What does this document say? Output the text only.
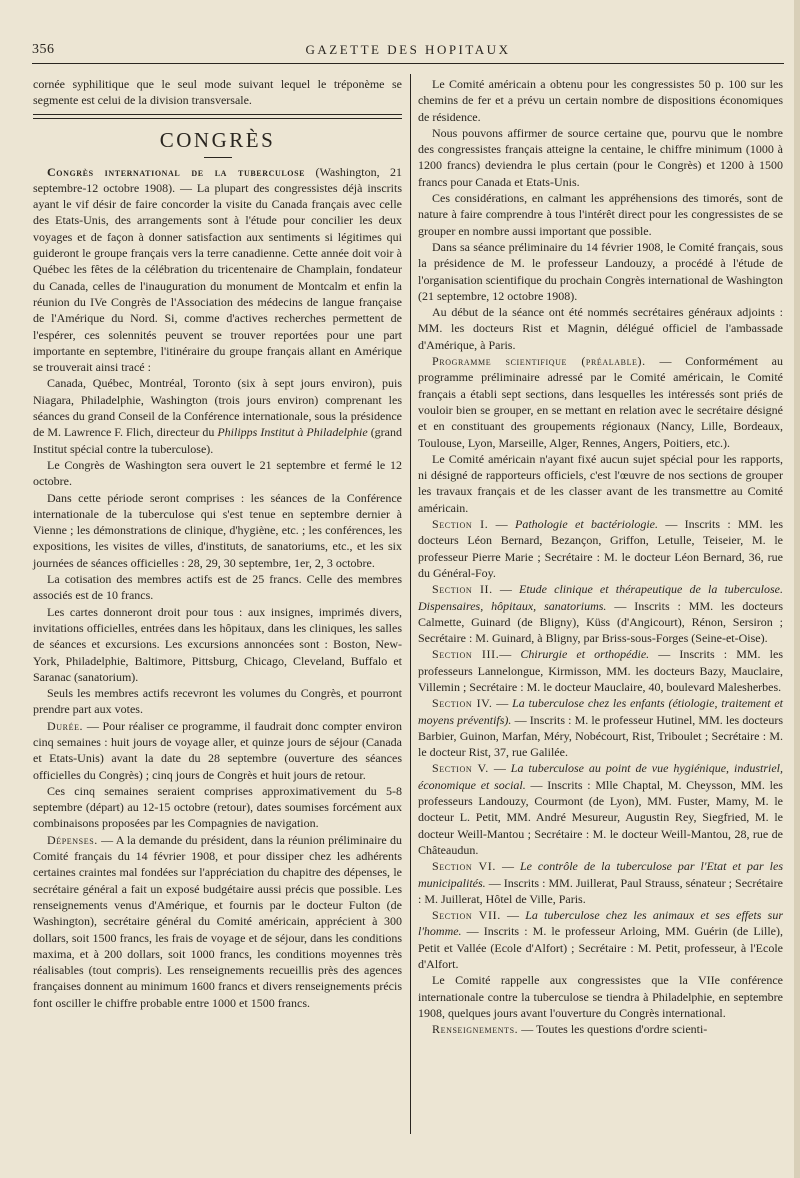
356	GAZETTE DES HOPITAUX

cornée syphilitique que le seul mode suivant lequel le tréponème se segmente est celui de la division transversale.

CONGRÈS

Congrès international de la tuberculose (Washington, 21 septembre-12 octobre 1908). — La plupart des congressistes déjà inscrits ayant le vif désir de faire concorder la visite du Canada français avec celle des Etats-Unis, des arrangements sont à l'étude pour concilier les deux voyages et de façon à donner satisfaction aux sentiments si légitimes qui guideront le groupe français vers la terre canadienne. Cette année doit voir à Québec les fêtes de la célébration du tricentenaire de Champlain, fondateur du Canada, celles de l'inauguration du monument de Montcalm et enfin la réunion du IVe Congrès de l'Association des médecins de langue française de l'Amérique du Nord. Si, comme d'actives recherches permettent de l'espérer, ces solennités peuvent se trouver reportées pour une part importante en septembre, l'itinéraire du groupe français allant en Amérique se trouverait ainsi tracé :

Canada, Québec, Montréal, Toronto (six à sept jours environ), puis Niagara, Philadelphie, Washington (trois jours environ) comprenant les séances du grand Conseil de la Conférence internationale, sous la présidence de M. Lawrence F. Flich, directeur du Philipps Institut à Philadelphie (grand Institut spécial contre la tuberculose).

Le Congrès de Washington sera ouvert le 21 septembre et fermé le 12 octobre.

Dans cette période seront comprises : les séances de la Conférence internationale de la tuberculose qui s'est tenue en septembre dernier à Vienne ; les démonstrations de clinique, d'hygiène, etc. ; les conférences, les expositions, les visites de villes, d'instituts, de sanatoriums, etc., et les six journées de séances officielles : 28, 29, 30 septembre, 1er, 2, 3 octobre.

La cotisation des membres actifs est de 25 francs. Celle des membres associés est de 10 francs.

Les cartes donneront droit pour tous : aux insignes, imprimés divers, invitations officielles, entrées dans les hôpitaux, dans les cliniques, les salles de séances et excursions. Les excursions annoncées sont : Boston, New-York, Philadelphie, Baltimore, Pittsburg, Chicago, Cleveland, Buffalo et Saranac (sanatorium).

Seuls les membres actifs recevront les volumes du Congrès, et pourront prendre part aux votes.

Durée. — Pour réaliser ce programme, il faudrait donc compter environ cinq semaines : huit jours de voyage aller, et quinze jours de séjour (Canada et Etats-Unis) avant la date du 28 septembre (ouverture des séances officielles du Congrès) ; cinq jours de Congrès et huit jours de retour.

Ces cinq semaines seraient comprises approximativement du 5-8 septembre (départ) au 12-15 octobre (retour), dates soumises forcément aux combinaisons proposées par les Compagnies de navigation.

Dépenses. — A la demande du président, dans la réunion préliminaire du Comité français du 14 février 1908, et pour dissiper chez les adhérents certaines craintes mal fondées sur l'appréciation du chapitre des dépenses, le secrétaire général a fait un exposé budgétaire aussi précis que possible. Les renseignements venus d'Amérique, et fournis par le docteur Fulton (de Washington), secrétaire général du Comité américain, apprécient à 300 dollars, soit 1500 francs, les frais de voyage et de séjour, dans les conditions maxima, et à 200 dollars, soit 1000 francs, les conditions moyennes très réalisables (tout compris). Les renseignements recueillis près des agences françaises donnent au minimum 1600 francs et divers renseignements précis font osciller le chiffre probable entre 1000 et 1500 francs.

Le Comité américain a obtenu pour les congressistes 50 p. 100 sur les chemins de fer et a prévu un certain nombre de dispositions économiques de résidence.

Nous pouvons affirmer de source certaine que, pourvu que le nombre des congressistes français atteigne la centaine, le chiffre minimum (1000 à 1200 francs) deviendra le plus certain (pour le Congrès) et 1200 à 1500 francs pour Canada et Etats-Unis.

Ces considérations, en calmant les appréhensions des timorés, sont de nature à faire comprendre à tous l'intérêt direct pour les congressistes de se grouper en nombre aussi important que possible.

Dans sa séance préliminaire du 14 février 1908, le Comité français, sous la présidence de M. le professeur Landouzy, a procédé à l'étude de l'organisation scientifique du prochain Congrès international de Washington (21 septembre, 12 octobre 1908).

Au début de la séance ont été nommés secrétaires généraux adjoints : MM. les docteurs Rist et Magnin, délégué officiel de l'ambassade d'Amérique, à Paris.

Programme scientifique (préalable). — Conformément au programme préliminaire adressé par le Comité américain, le Comité français a établi sept sections, dans lesquelles les intéressés sont priés de vouloir bien se grouper, en se mettant en relation avec le secrétaire désigné et en constituant des groupements régionaux (Nancy, Lille, Bordeaux, Toulouse, Lyon, Marseille, Alger, Rennes, Angers, Poitiers, etc.).

Le Comité américain n'ayant fixé aucun sujet spécial pour les rapports, ni désigné de rapporteurs officiels, c'est l'œuvre de nos sections de grouper les travaux français et de les classer avant de les transmettre au Comité américain.

Section I. — Pathologie et bactériologie. — Inscrits : MM. les docteurs Léon Bernard, Bezançon, Griffon, Letulle, Teiseier, M. le professeur Pierre Marie ; Secrétaire : M. le docteur Léon Bernard, 36, rue du Général-Foy.

Section II. — Etude clinique et thérapeutique de la tuberculose. Dispensaires, hôpitaux, sanatoriums. — Inscrits : MM. les docteurs Calmette, Guinard (de Bligny), Küss (d'Angicourt), Rénon, Sersiron ; Secrétaire : M. Guinard, à Bligny, par Briss-sous-Forges (Seine-et-Oise).

Section III.— Chirurgie et orthopédie. — Inscrits : MM. les professeurs Lannelongue, Kirmisson, MM. les docteurs Bazy, Mauclaire, Villemin ; Secrétaire : M. le docteur Mauclaire, 40, boulevard Malesherbes.

Section IV. — La tuberculose chez les enfants (étiologie, traitement et moyens préventifs). — Inscrits : M. le professeur Hutinel, MM. les docteurs Barbier, Guinon, Marfan, Méry, Nobécourt, Rist, Triboulet ; Secrétaire : M. le docteur Rist, 37, rue Galilée.

Section V. — La tuberculose au point de vue hygiénique, industriel, économique et social. — Inscrits : Mlle Chaptal, M. Cheysson, MM. les professeurs Landouzy, Courmont (de Lyon), MM. Fuster, Mamy, M. le docteur L. Petit, MM. André Mesureur, Augustin Rey, Siegfried, M. le docteur Weill-Mantou ; Secrétaire : M. le docteur Weill-Mantou, 28, rue de Châteaudun.

Section VI. — Le contrôle de la tuberculose par l'Etat et par les municipalités. — Inscrits : MM. Juillerat, Paul Strauss, sénateur ; Secrétaire : M. Juillerat, Hôtel de Ville, Paris.

Section VII. — La tuberculose chez les animaux et ses effets sur l'homme. — Inscrits : M. le professeur Arloing, MM. Guérin (de Lille), Petit et Vallée (Ecole d'Alfort) ; Secrétaire : M. Petit, professeur, à l'Ecole d'Alfort.

Le Comité rappelle aux congressistes que la VIIe conférence internationale contre la tuberculose se tiendra à Philadelphie, en septembre 1908, quelques jours avant l'ouverture du Congrès international.

Renseignements. — Toutes les questions d'ordre scienti-
